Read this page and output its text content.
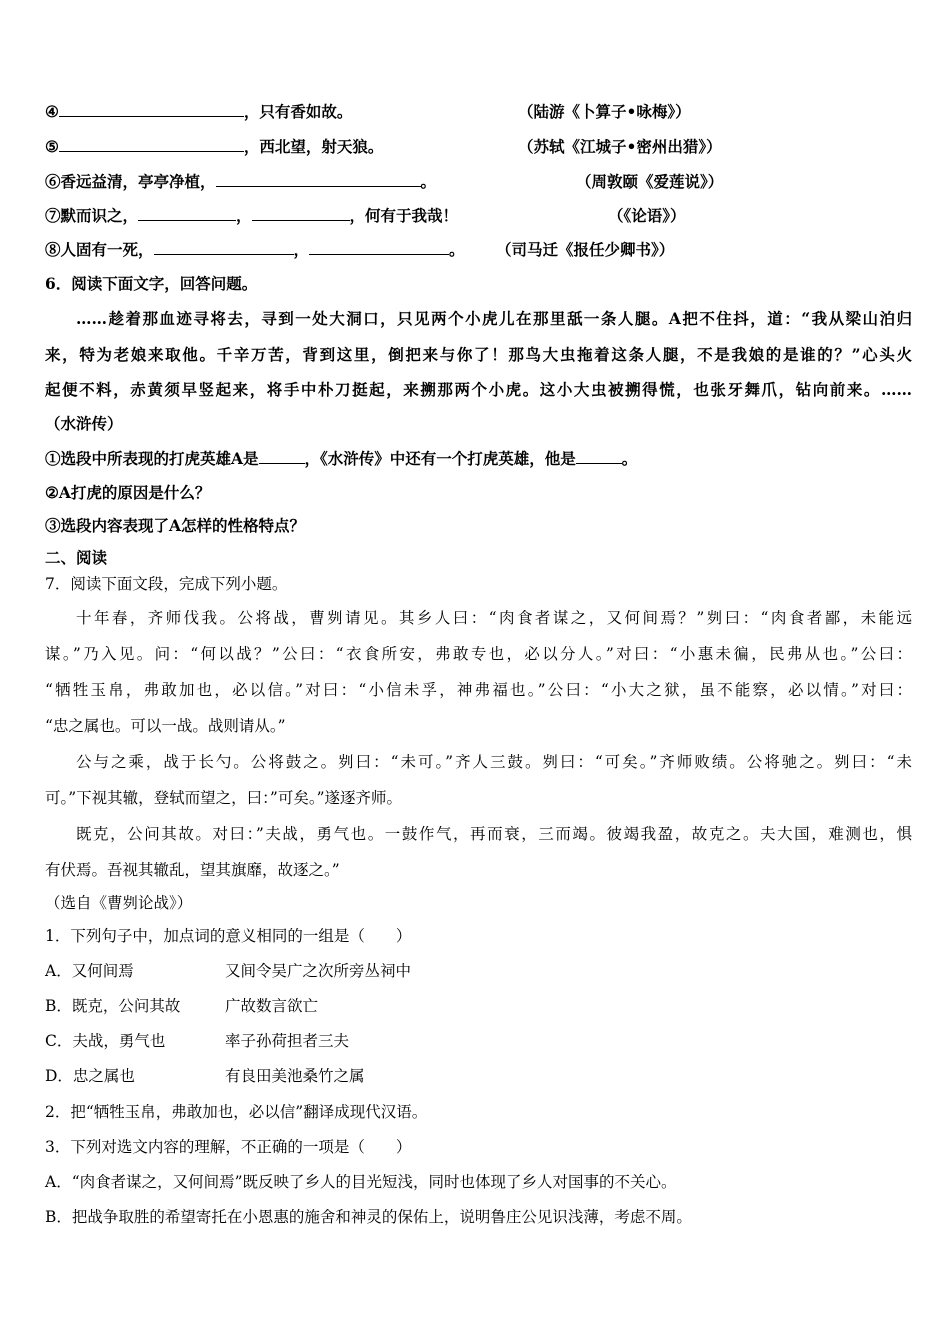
④	，只有香如故。	（陆游《卜算子•咏梅》）
⑤	，西北望，射天狼。	（苏轼《江城子•密州出猎》）
⑥香远益清，亭亭净植，	。	（周敦颐《爱莲说》）
⑦默而识之，	，	，何有于我哉！	（《论语》）
⑧人固有一死，	，	。 （司马迁《报任少卿书》）
6．阅读下面文字，回答问题。
……趁着那血迹寻将去，寻到一处大洞口，只见两个小虎儿在那里舐一条人腿。A把不住抖，道：“我从梁山泊归
来，特为老娘来取他。千辛万苦，背到这里，倒把来与你了！那鸟大虫拖着这条人腿，不是我娘的是谁的？”心头火
起便不料，赤黄须早竖起来，将手中朴刀挺起，来搠那两个小虎。这小大虫被搠得慌，也张牙舞爪，钻向前来。……
（水浒传）
①选段中所表现的打虎英雄A是	，《水浒传》中还有一个打虎英雄，他是	。
②A打虎的原因是什么？
③选段内容表现了A怎样的性格特点？
二、阅读
7．阅读下面文段，完成下列小题。
十年春，齐师伐我。公将战，曹刿请见。其乡人曰：“肉食者谋之，又何间焉？”刿曰：“肉食者鄙，未能远
谋。”乃入见。问：“何以战？”公曰：“衣食所安，弗敢专也，必以分人。”对曰：“小惠未徧，民弗从也。”公曰：
“牺牲玉帛，弗敢加也，必以信。”对曰：“小信未孚，神弗福也。”公曰：“小大之狱，虽不能察，必以情。”对曰：
“忠之属也。可以一战。战则请从。”
公与之乘，战于长勺。公将鼓之。刿曰：“未可。”齐人三鼓。刿曰：“可矣。”齐师败绩。公将驰之。刿曰：“未
可。”下视其辙，登轼而望之，曰：”可矣。”遂逐齐师。
既克，公问其故。对曰：”夫战，勇气也。一鼓作气，再而衰，三而竭。彼竭我盈，故克之。夫大国，难测也，惧
有伏焉。吾视其辙乱，望其旗靡，故逐之。”
（选自《曹刿论战》）
1．下列句子中，加点词的意义相同的一组是（　　）
A．又何间焉	又间令吴广之次所旁丛祠中
B．既克，公问其故	广故数言欲亡
C．夫战，勇气也	率子孙荷担者三夫
D．忠之属也	有良田美池桑竹之属
2．把“牺牲玉帛，弗敢加也，必以信”翻译成现代汉语。
3．下列对选文内容的理解，不正确的一项是（　　）
A．“肉食者谋之，又何间焉”既反映了乡人的目光短浅，同时也体现了乡人对国事的不关心。
B．把战争取胜的希望寄托在小恩惠的施舍和神灵的保佑上，说明鲁庄公见识浅薄，考虑不周。
